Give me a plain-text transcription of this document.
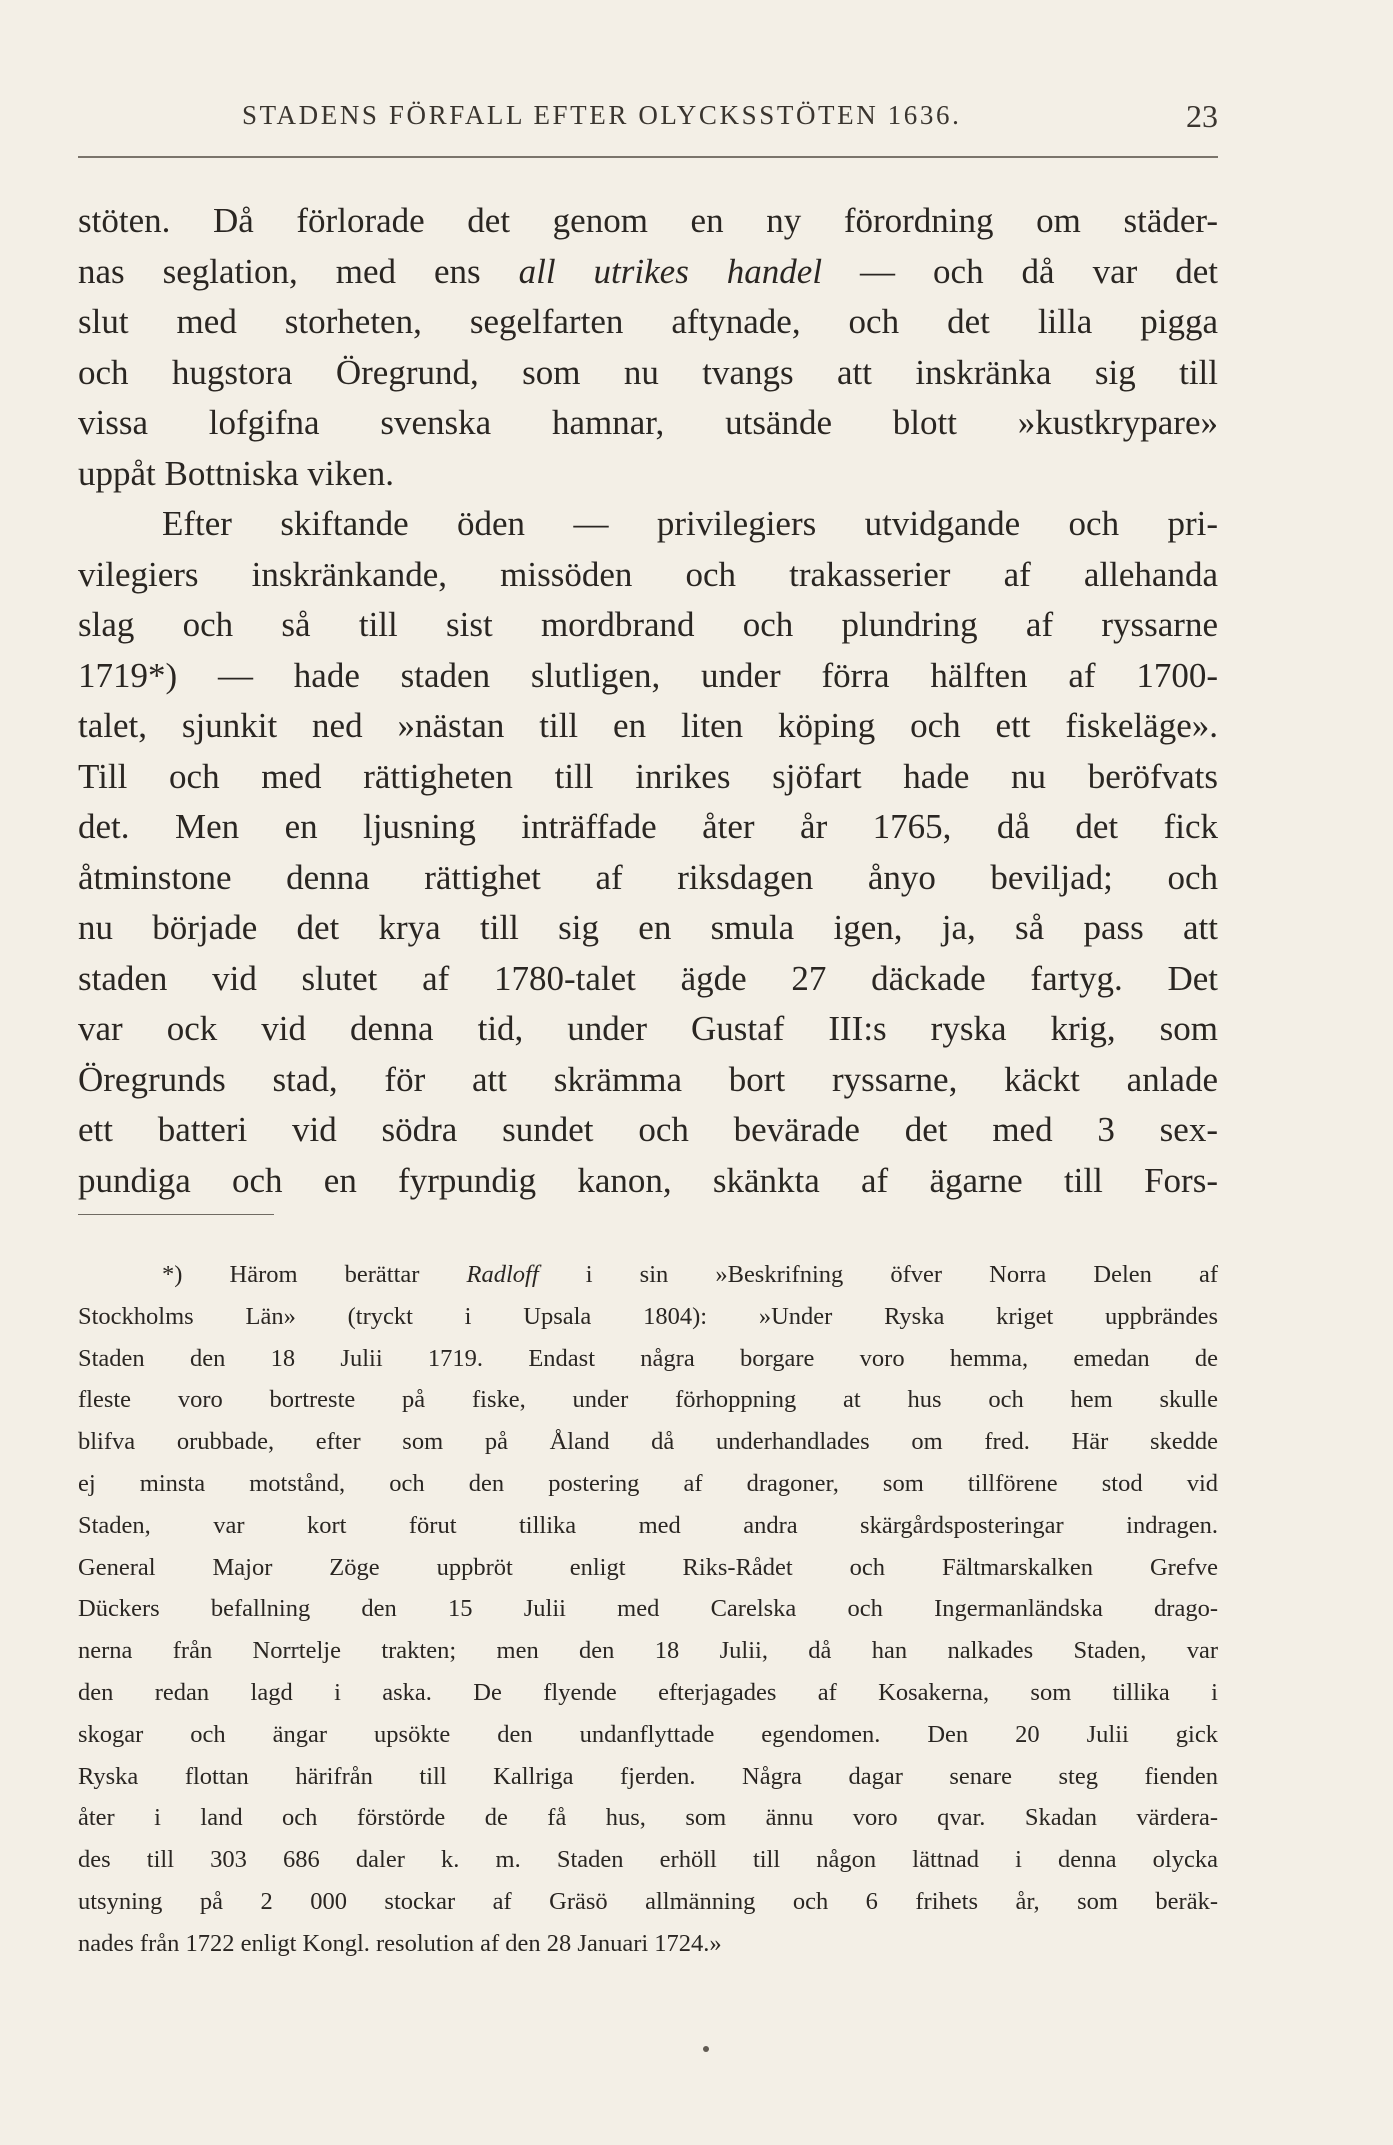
STADENS FÖRFALL EFTER OLYCKSSTÖTEN 1636.	23
stöten. Då förlorade det genom en ny förordning om städer-
nas seglation, med ens all utrikes handel — och då var det
slut med storheten, segelfarten aftynade, och det lilla pigga
och hugstora Öregrund, som nu tvangs att inskränka sig till
vissa lofgifna svenska hamnar, utsände blott »kustkrypare»
uppåt Bottniska viken.
Efter skiftande öden — privilegiers utvidgande och pri-
vilegiers inskränkande, missöden och trakasserier af allehanda
slag och så till sist mordbrand och plundring af ryssarne
1719*) — hade staden slutligen, under förra hälften af 1700-
talet, sjunkit ned »nästan till en liten köping och ett fiskeläge».
Till och med rättigheten till inrikes sjöfart hade nu beröfvats
det. Men en ljusning inträffade åter år 1765, då det fick
åtminstone denna rättighet af riksdagen ånyo beviljad; och
nu började det krya till sig en smula igen, ja, så pass att
staden vid slutet af 1780-talet ägde 27 däckade fartyg. Det
var ock vid denna tid, under Gustaf III:s ryska krig, som
Öregrunds stad, för att skrämma bort ryssarne, käckt anlade
ett batteri vid södra sundet och bevärade det med 3 sex-
pundiga och en fyrpundig kanon, skänkta af ägarne till Fors-
*) Härom berättar Radloff i sin »Beskrifning öfver Norra Delen af
Stockholms Län» (tryckt i Upsala 1804): »Under Ryska kriget uppbrändes
Staden den 18 Julii 1719. Endast några borgare voro hemma, emedan de
fleste voro bortreste på fiske, under förhoppning at hus och hem skulle
blifva orubbade, efter som på Åland då underhandlades om fred. Här skedde
ej minsta motstånd, och den postering af dragoner, som tillförene stod vid
Staden, var kort förut tillika med andra skärgårdsposteringar indragen.
General Major Zöge uppbröt enligt Riks-Rådet och Fältmarskalken Grefve
Dückers befallning den 15 Julii med Carelska och Ingermanländska drago-
nerna från Norrtelje trakten; men den 18 Julii, då han nalkades Staden, var
den redan lagd i aska. De flyende efterjagades af Kosakerna, som tillika i
skogar och ängar upsökte den undanflyttade egendomen. Den 20 Julii gick
Ryska flottan härifrån till Kallriga fjerden. Några dagar senare steg fienden
åter i land och förstörde de få hus, som ännu voro qvar. Skadan värdera-
des till 303 686 daler k. m. Staden erhöll till någon lättnad i denna olycka
utsyning på 2 000 stockar af Gräsö allmänning och 6 frihets år, som beräk-
nades från 1722 enligt Kongl. resolution af den 28 Januari 1724.»
